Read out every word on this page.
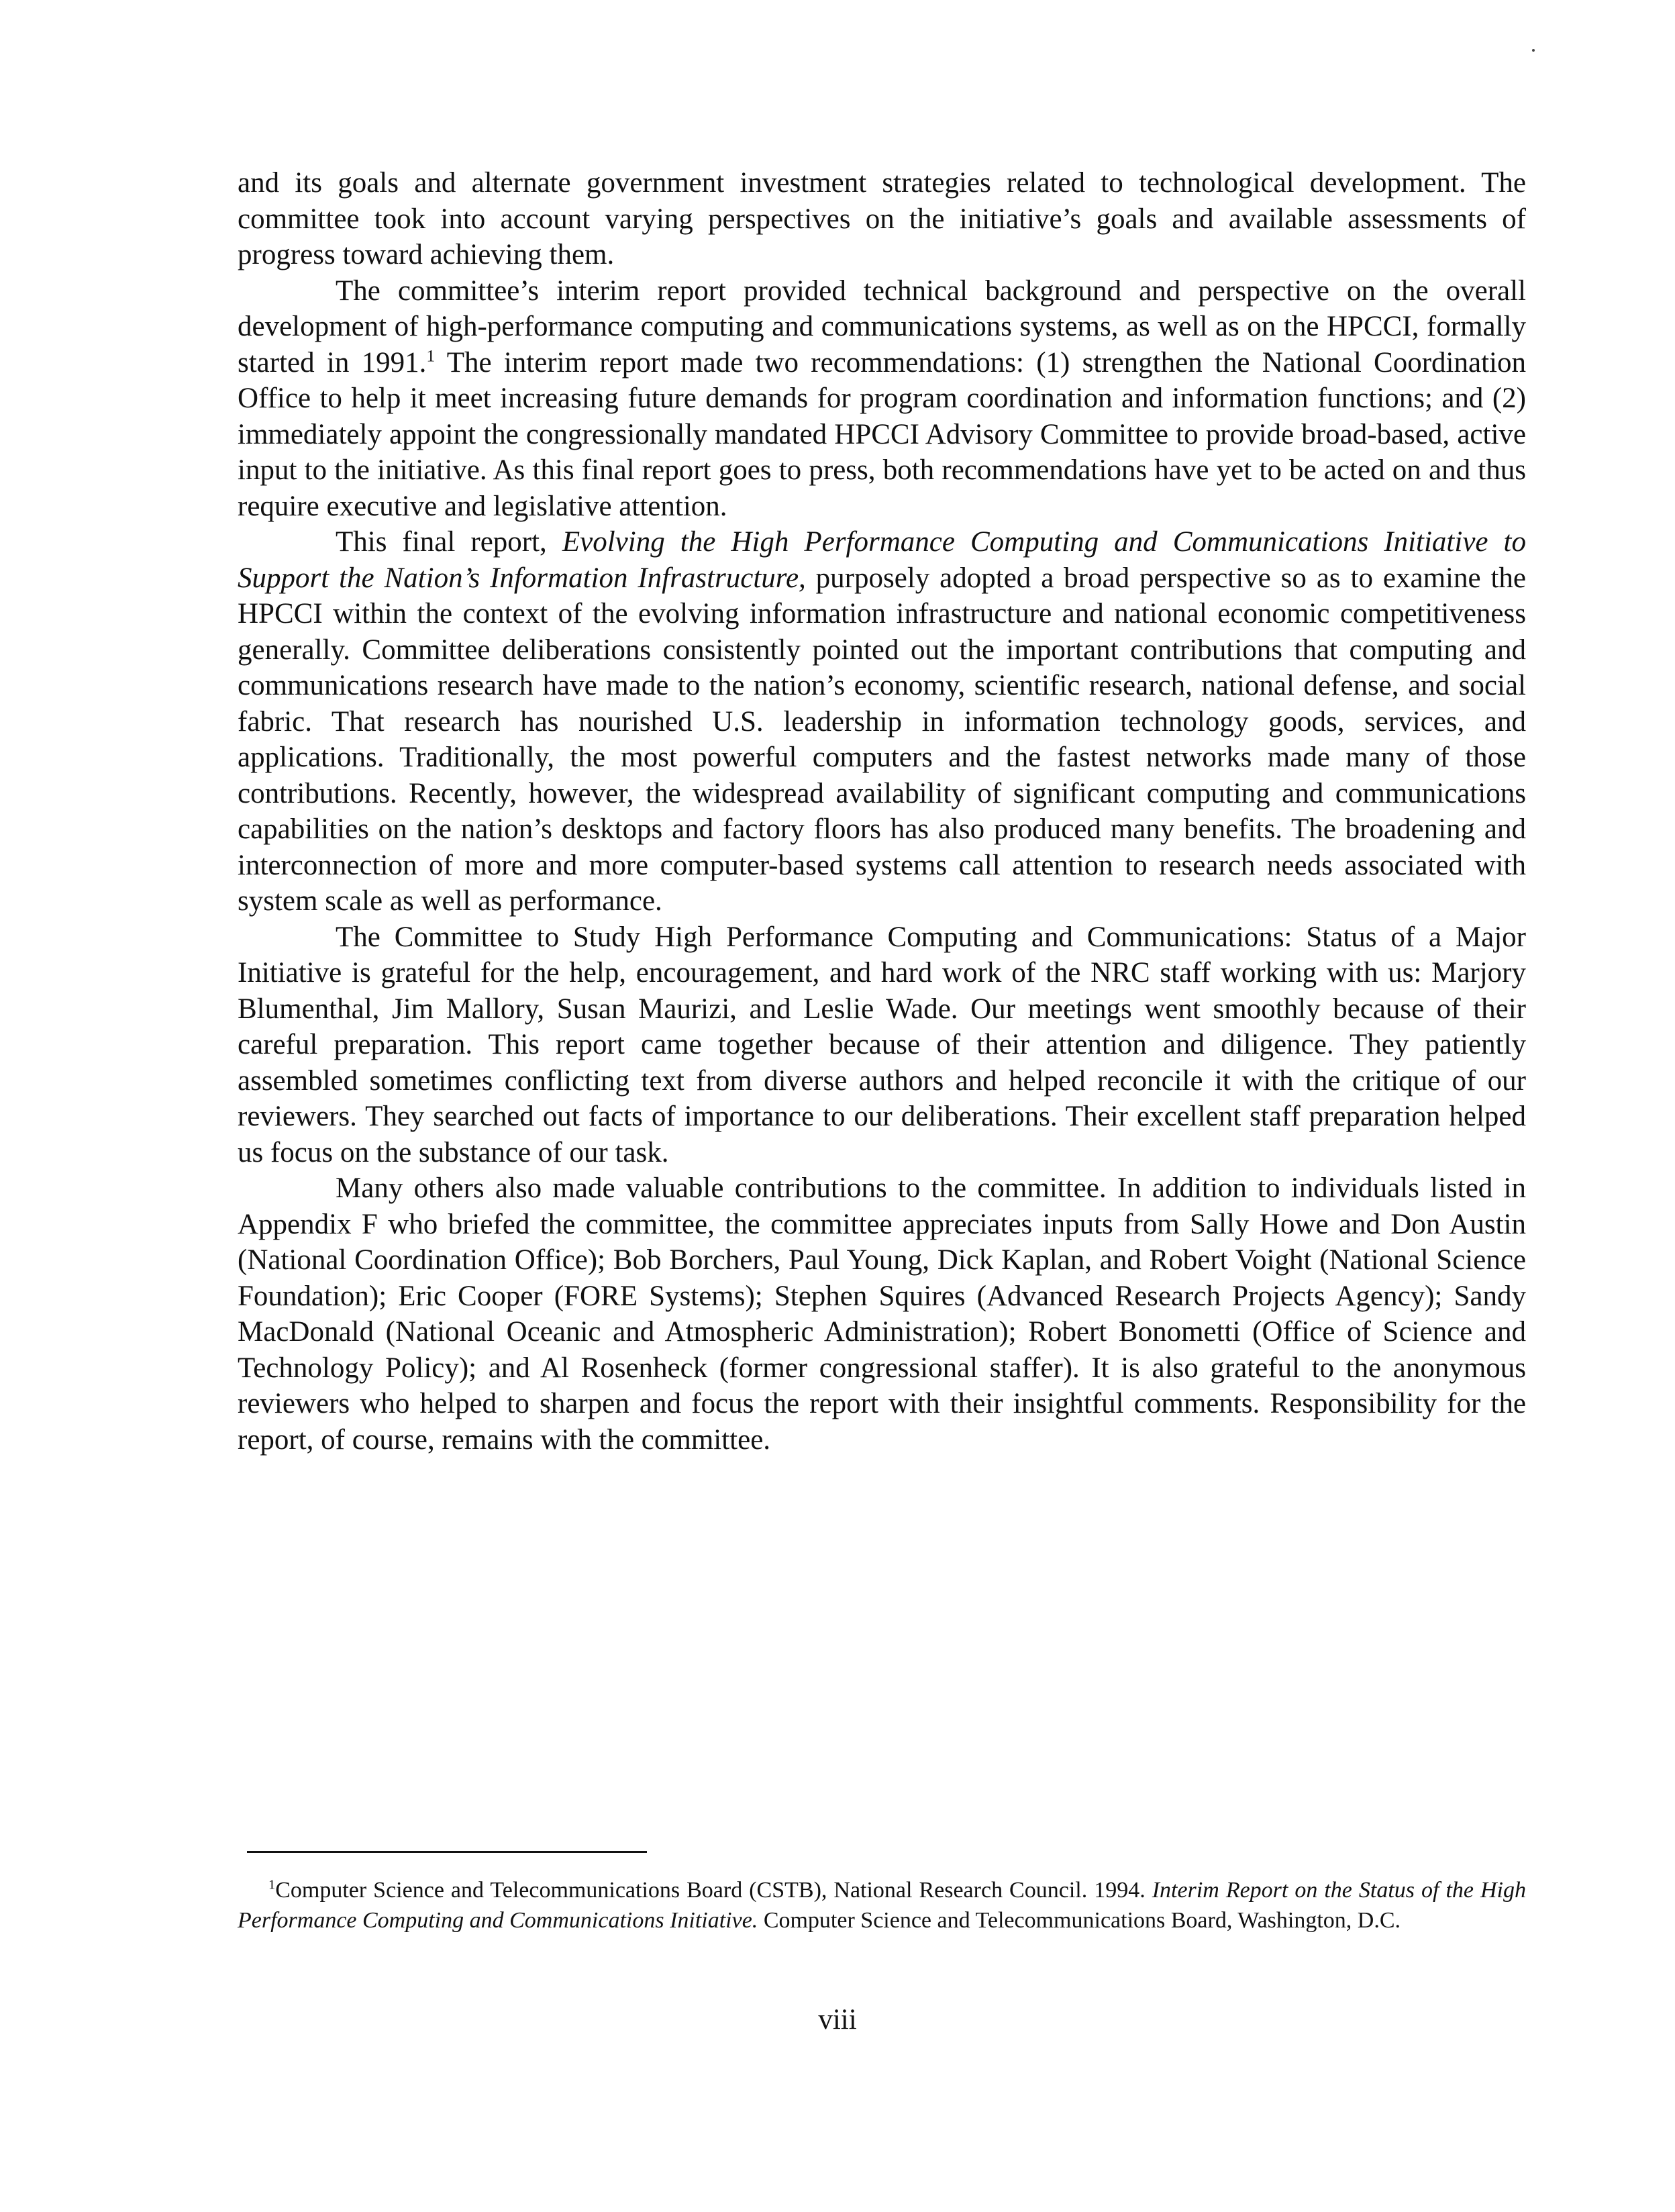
and its goals and alternate government investment strategies related to technological development. The committee took into account varying perspectives on the initiative’s goals and available assessments of progress toward achieving them.

The committee’s interim report provided technical background and perspective on the overall development of high-performance computing and communications systems, as well as on the HPCCI, formally started in 1991.$^1$ The interim report made two recommendations: (1) strengthen the National Coordination Office to help it meet increasing future demands for program coordination and information functions; and (2) immediately appoint the congressionally mandated HPCCI Advisory Committee to provide broad-based, active input to the initiative. As this final report goes to press, both recommendations have yet to be acted on and thus require executive and legislative attention.

This final report, Evolving the High Performance Computing and Communications Initiative to Support the Nation’s Information Infrastructure, purposely adopted a broad perspective so as to examine the HPCCI within the context of the evolving information infrastructure and national economic competitiveness generally. Committee deliberations consistently pointed out the important contributions that computing and communications research have made to the nation’s economy, scientific research, national defense, and social fabric. That research has nourished U.S. leadership in information technology goods, services, and applications. Traditionally, the most powerful computers and the fastest networks made many of those contributions. Recently, however, the widespread availability of significant computing and communications capabilities on the nation’s desktops and factory floors has also produced many benefits. The broadening and interconnection of more and more computer-based systems call attention to research needs associated with system scale as well as performance.

The Committee to Study High Performance Computing and Communications: Status of a Major Initiative is grateful for the help, encouragement, and hard work of the NRC staff working with us: Marjory Blumenthal, Jim Mallory, Susan Maurizi, and Leslie Wade. Our meetings went smoothly because of their careful preparation. This report came together because of their attention and diligence. They patiently assembled sometimes conflicting text from diverse authors and helped reconcile it with the critique of our reviewers. They searched out facts of importance to our deliberations. Their excellent staff preparation helped us focus on the substance of our task.

Many others also made valuable contributions to the committee. In addition to individuals listed in Appendix F who briefed the committee, the committee appreciates inputs from Sally Howe and Don Austin (National Coordination Office); Bob Borchers, Paul Young, Dick Kaplan, and Robert Voight (National Science Foundation); Eric Cooper (FORE Systems); Stephen Squires (Advanced Research Projects Agency); Sandy MacDonald (National Oceanic and Atmospheric Administration); Robert Bonometti (Office of Science and Technology Policy); and Al Rosenheck (former congressional staffer). It is also grateful to the anonymous reviewers who helped to sharpen and focus the report with their insightful comments. Responsibility for the report, of course, remains with the committee.

$^1$Computer Science and Telecommunications Board (CSTB), National Research Council. 1994. Interim Report on the Status of the High Performance Computing and Communications Initiative. Computer Science and Telecommunications Board, Washington, D.C.
viii
